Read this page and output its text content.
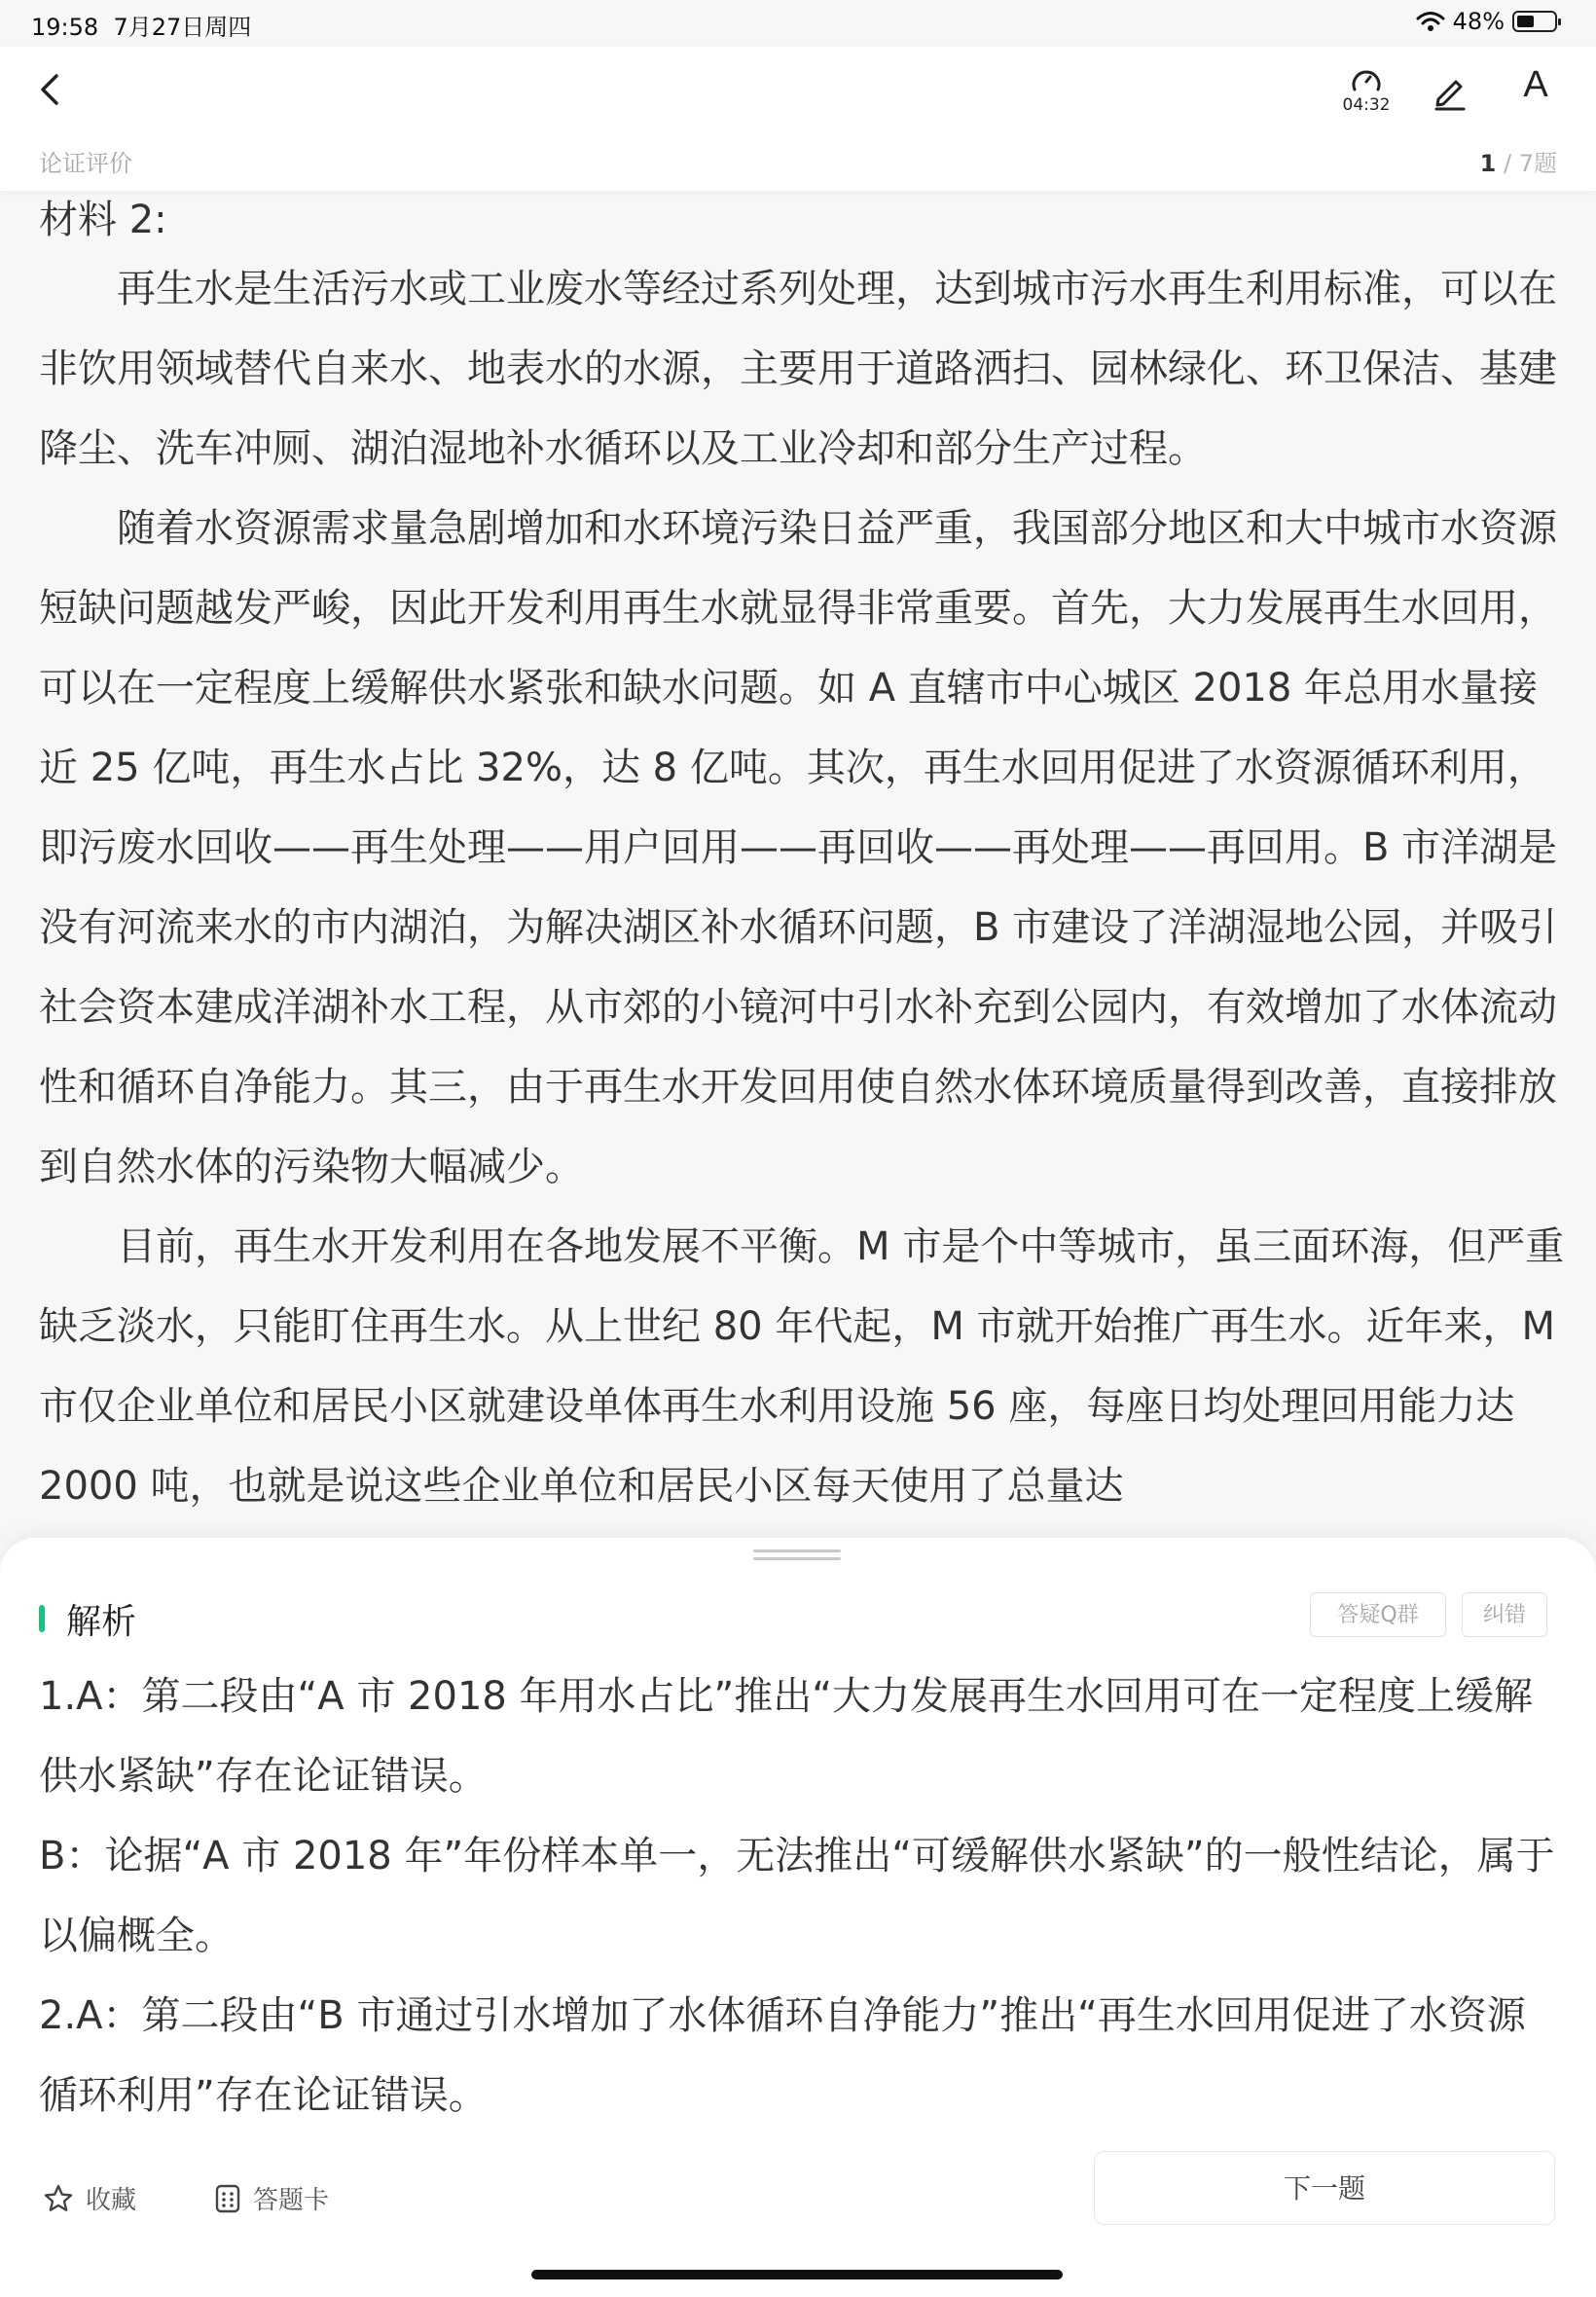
19:58 7月27日周四	48%
04:32	A
论证评价	1 / 7题
材料 2:

再生水是生活污水或工业废水等经过系列处理，达到城市污水再生利用标准，可以在非饮用领域替代自来水、地表水的水源，主要用于道路洒扫、园林绿化、环卫保洁、基建降尘、洗车冲厕、湖泊湿地补水循环以及工业冷却和部分生产过程。

随着水资源需求量急剧增加和水环境污染日益严重，我国部分地区和大中城市水资源短缺问题越发严峻，因此开发利用再生水就显得非常重要。首先，大力发展再生水回用，可以在一定程度上缓解供水紧张和缺水问题。如 A 直辖市中心城区 2018 年总用水量接近 25 亿吨，再生水占比 32%，达 8 亿吨。其次，再生水回用促进了水资源循环利用，即污废水回收——再生处理——用户回用——再回收——再处理——再回用。B 市洋湖是没有河流来水的市内湖泊，为解决湖区补水循环问题，B 市建设了洋湖湿地公园，并吸引社会资本建成洋湖补水工程，从市郊的小镜河中引水补充到公园内，有效增加了水体流动性和循环自净能力。其三，由于再生水开发回用使自然水体环境质量得到改善，直接排放到自然水体的污染物大幅减少。

目前，再生水开发利用在各地发展不平衡。M 市是个中等城市，虽三面环海，但严重缺乏淡水，只能盯住再生水。从上世纪 80 年代起，M 市就开始推广再生水。近年来，M 市仅企业单位和居民小区就建设单体再生水利用设施 56 座，每座日均处理回用能力达 2000 吨，也就是说这些企业单位和居民小区每天使用了总量达

解析	答疑Q群	纠错

1.A：第二段由“A 市 2018 年用水占比”推出“大力发展再生水回用可在一定程度上缓解供水紧缺”存在论证错误。

B：论据“A 市 2018 年”年份样本单一，无法推出“可缓解供水紧缺”的一般性结论，属于以偏概全。

2.A：第二段由“B 市通过引水增加了水体循环自净能力”推出“再生水回用促进了水资源循环利用”存在论证错误。

收藏	答题卡	下一题
